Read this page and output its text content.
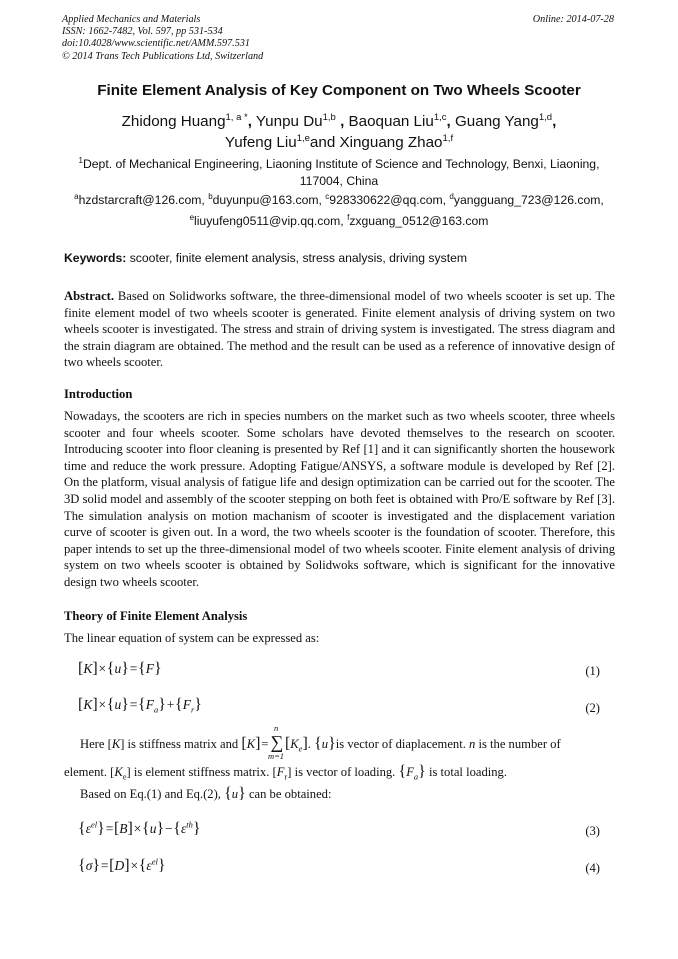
Applied Mechanics and Materials
ISSN: 1662-7482, Vol. 597, pp 531-534
doi:10.4028/www.scientific.net/AMM.597.531
© 2014 Trans Tech Publications Ltd, Switzerland
Online: 2014-07-28
Finite Element Analysis of Key Component on Two Wheels Scooter
Zhidong Huang$^{1, a *}$, Yunpu Du$^{1,b}$ , Baoquan Liu$^{1,c}$, Guang Yang$^{1,d}$,
Yufeng Liu$^{1,e}$and Xinguang Zhao$^{1,f}$
$^1$Dept. of Mechanical Engineering, Liaoning Institute of Science and Technology, Benxi, Liaoning, 117004, China
$^a$hzdstarcraft@126.com, $^b$duyunpu@163.com, $^c$928330622@qq.com, $^d$yangguang_723@126.com,
$^e$liuyufeng0511@vip.qq.com, $^f$zxguang_0512@163.com
Keywords: scooter, finite element analysis, stress analysis, driving system
Abstract. Based on Solidworks software, the three-dimensional model of two wheels scooter is set up. The finite element model of two wheels scooter is generated. Finite element analysis of driving system on two wheels scooter is investigated. The stress and strain of driving system is investigated. The stress diagram and the strain diagram are obtained. The method and the result can be used as a reference of innovative design of two wheels scooter.
Introduction
Nowadays, the scooters are rich in species numbers on the market such as two wheels scooter, three wheels scooter and four wheels scooter. Some scholars have devoted themselves to the research on scooter. Introducing scooter into floor cleaning is presented by Ref [1] and it can significantly shorten the housework time and reduce the work pressure. Adopting Fatigue/ANSYS, a software module is developed by Ref [2]. On the platform, visual analysis of fatigue life and design optimization can be carried out for the scooter. The 3D solid model and assembly of the scooter stepping on both feet is obtained with Pro/E software by Ref [3]. The simulation analysis on motion machanism of scooter is investigated and the displacement variation curve of scooter is given out. In a word, the two wheels scooter is the foundation of scooter. Therefore, this paper intends to set up the three-dimensional model of two wheels scooter. Finite element analysis of driving system on two wheels scooter is obtained by Solidwoks software, which is significant for the innovative design two wheels scooter.
Theory of Finite Element Analysis
The linear equation of system can be expressed as:
[K]×{u}={F}	(1)
$[K]\times\{u\}=\{F_a\}+\{F_r\}$	(2)
Here [K] is stiffness matrix and [K]=∑
n
m=1
$[K_e]$. {u}is vector of diaplacement. n is the number of
element. $[K_e]$ is element stiffness matrix. $[F_r]$ is vector of loading. $\{F_a\}$ is total loading.
Based on Eq.(1) and Eq.(2), {u} can be obtained:
$\{\varepsilon^{el}\}=[B]\times\{u\}-\{\varepsilon^{th}\}$	(3)
$\{\sigma\}=[D]\times\{\varepsilon^{el}\}$	(4)
